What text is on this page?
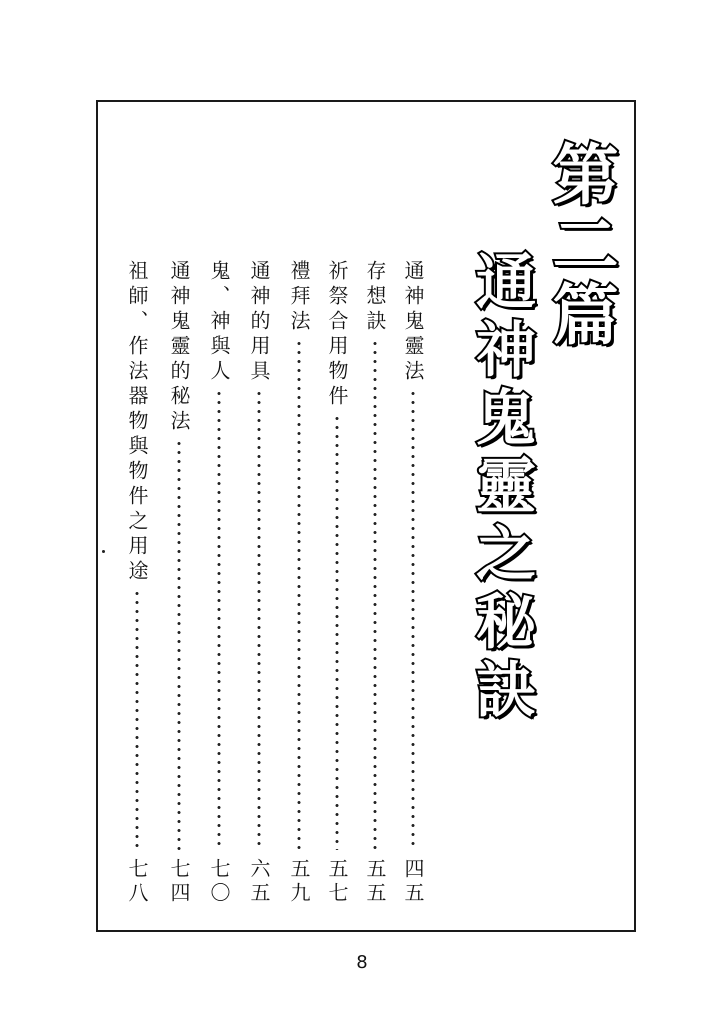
第二篇
通神鬼靈之秘訣
通神鬼靈法
四五
存想訣
五五
祈祭合用物件
五七
禮拜法
五九
通神的用具
六五
鬼、神與人
七〇
通神鬼靈的秘法
七四
祖師、作法器物與物件之用途
七八
8
